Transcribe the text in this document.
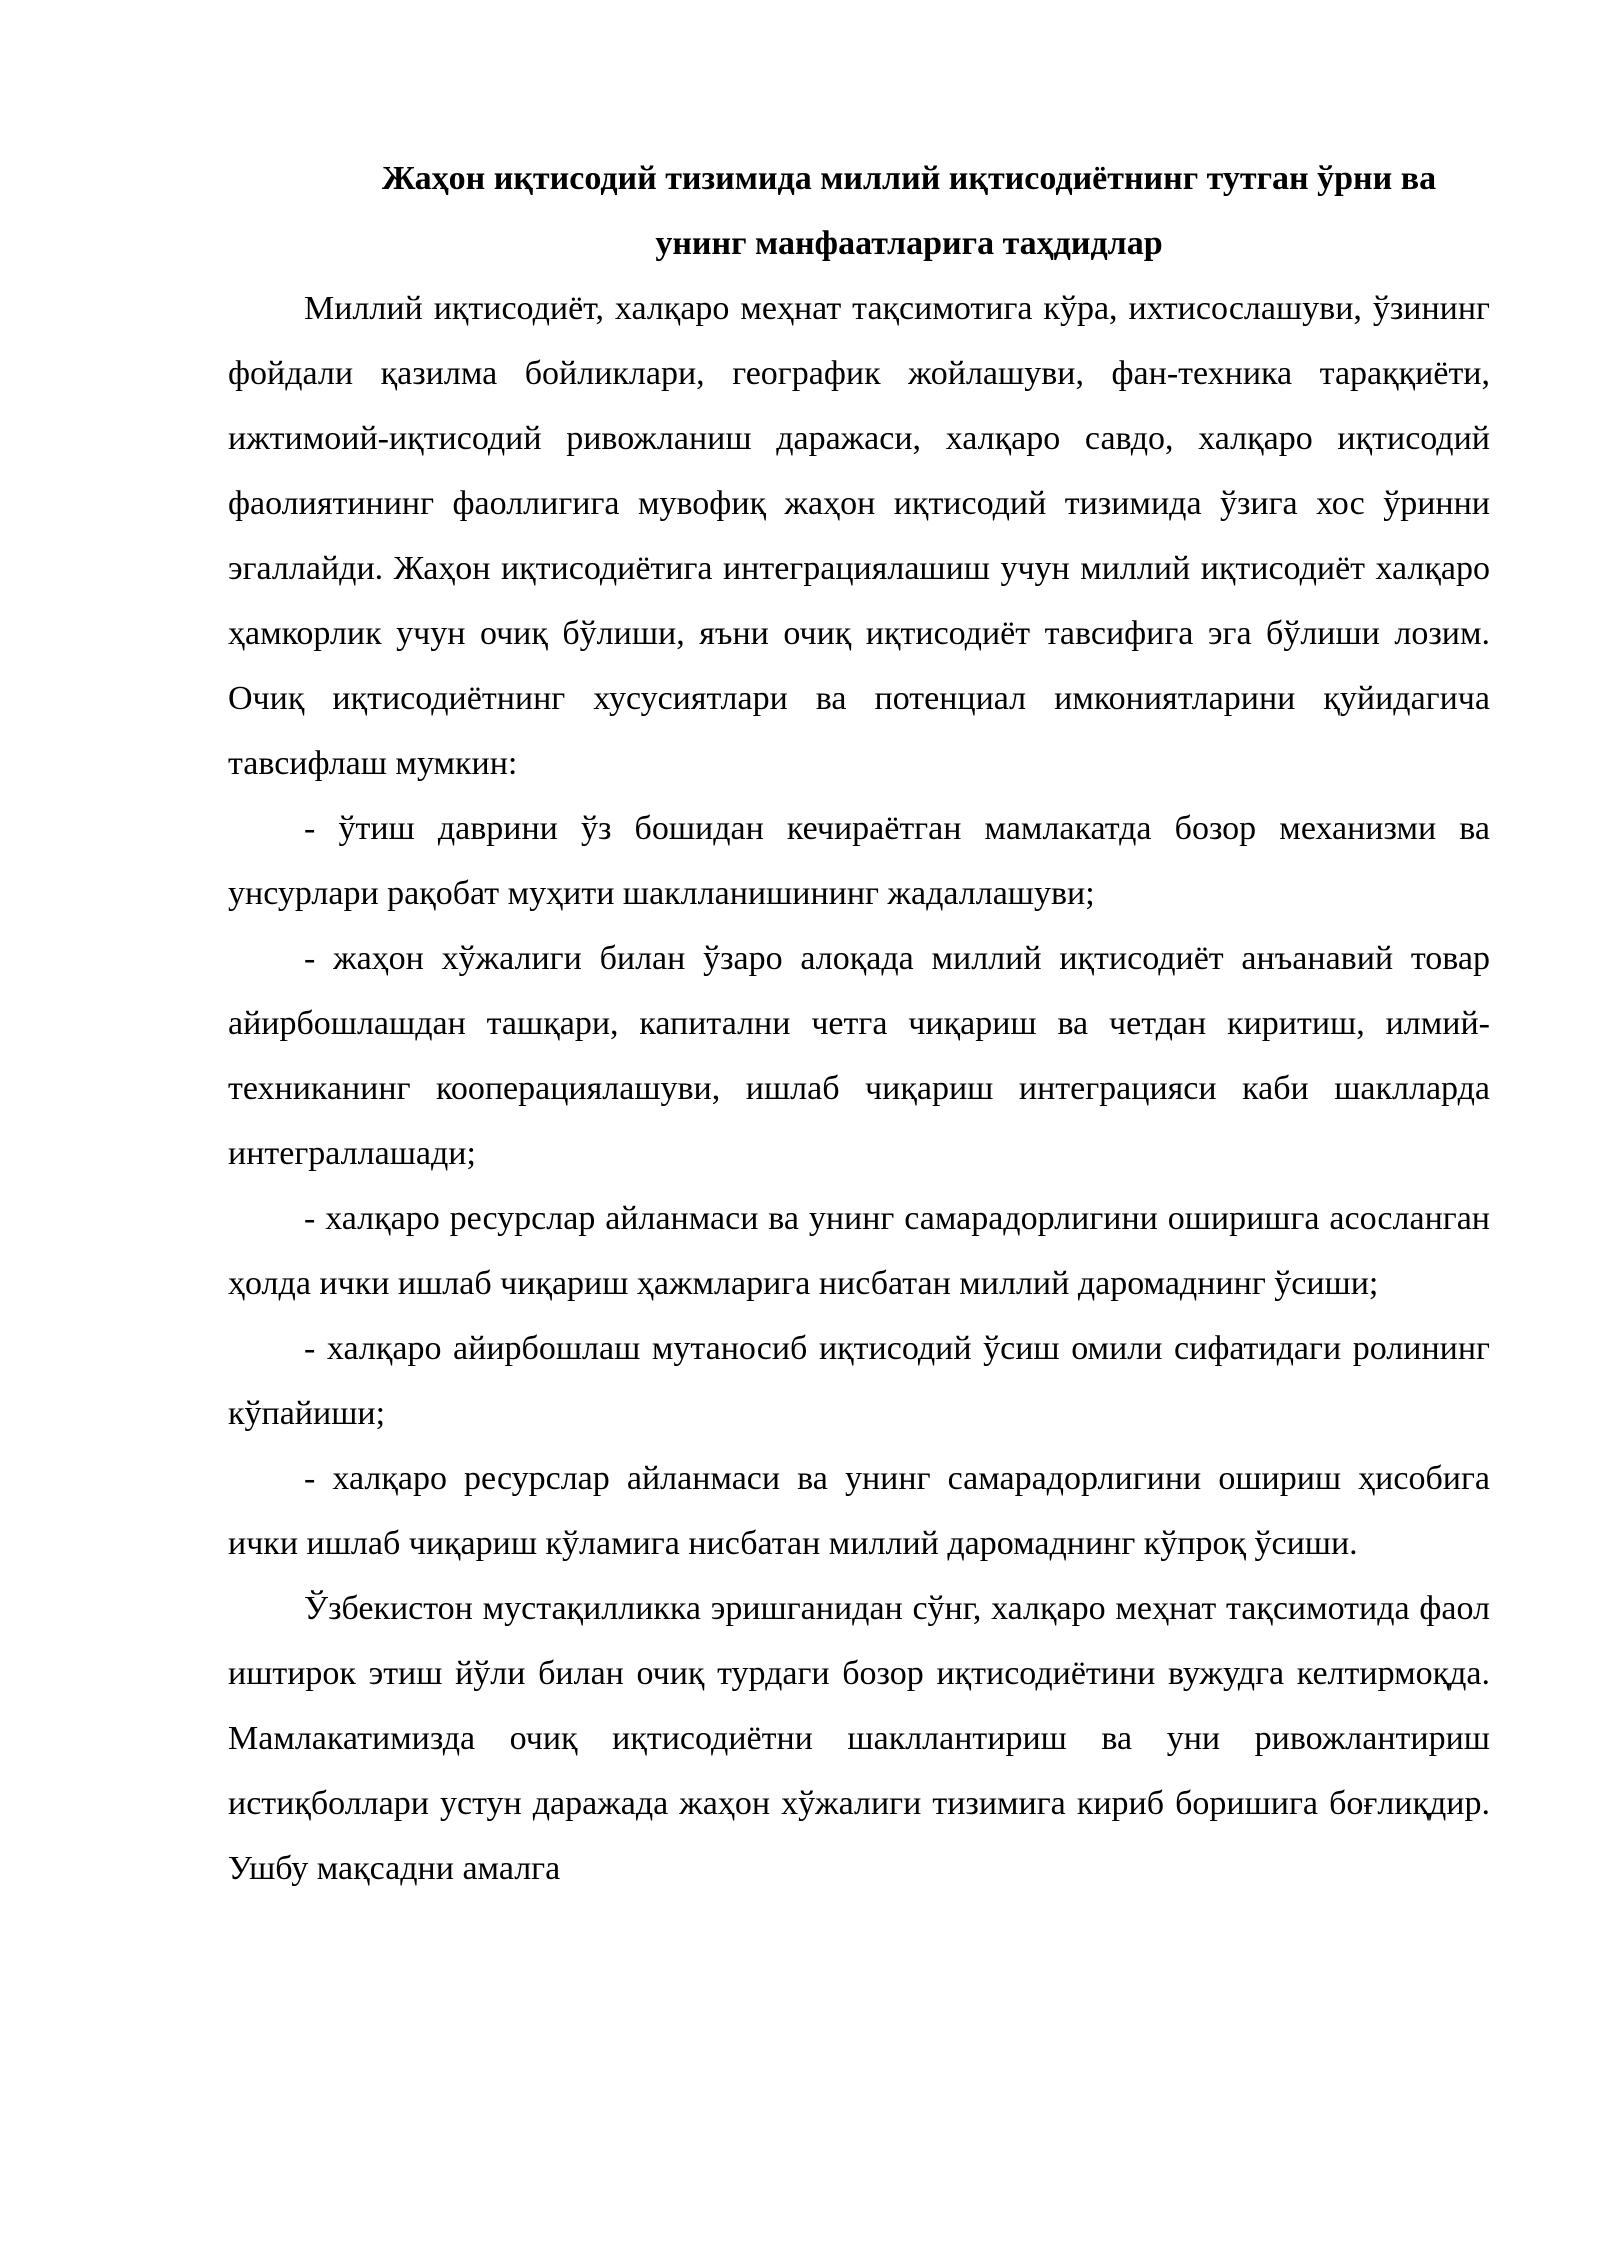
Жаҳон иқтисодий тизимида миллий иқтисодиётнинг тутган ўрни ва
унинг манфаатларига таҳдидлар

Миллий иқтисодиёт, халқаро меҳнат тақсимотига кўра, ихтисослашуви, ўзининг фойдали қазилма бойликлари, географик жойлашуви, фан-техника тараққиёти, ижтимоий-иқтисодий ривожланиш даражаси, халқаро савдо, халқаро иқтисодий фаолиятининг фаоллигига мувофиқ жаҳон иқтисодий тизимида ўзига хос ўринни эгаллайди. Жаҳон иқтисодиётига интеграциялашиш учун миллий иқтисодиёт халқаро ҳамкорлик учун очиқ бўлиши, яъни очиқ иқтисодиёт тавсифига эга бўлиши лозим. Очиқ иқтисодиётнинг хусусиятлари ва потенциал имкониятларини қуйидагича тавсифлаш мумкин:

- ўтиш даврини ўз бошидан кечираётган мамлакатда бозор механизми ва унсурлари рақобат муҳити шаклланишининг жадаллашуви;

- жаҳон хўжалиги билан ўзаро алоқада миллий иқтисодиёт анъанавий товар айирбошлашдан ташқари, капитални четга чиқариш ва четдан киритиш, илмий-техниканинг кооперациялашуви, ишлаб чиқариш интеграцияси каби шаклларда интеграллашади;

- халқаро ресурслар айланмаси ва унинг самарадорлигини оширишга асосланган ҳолда ички ишлаб чиқариш ҳажмларига нисбатан миллий даромаднинг ўсиши;

- халқаро айирбошлаш мутаносиб иқтисодий ўсиш омили сифатидаги ролининг кўпайиши;

- халқаро ресурслар айланмаси ва унинг самарадорлигини ошириш ҳисобига ички ишлаб чиқариш кўламига нисбатан миллий даромаднинг кўпроқ ўсиши.

Ўзбекистон мустақилликка эришганидан сўнг, халқаро меҳнат тақсимотида фаол иштирок этиш йўли билан очиқ турдаги бозор иқтисодиётини вужудга келтирмоқда. Мамлакатимизда очиқ иқтисодиётни шакллантириш ва уни ривожлантириш истиқболлари устун даражада жаҳон хўжалиги тизимига кириб боришига боғлиқдир. Ушбу мақсадни амалга
